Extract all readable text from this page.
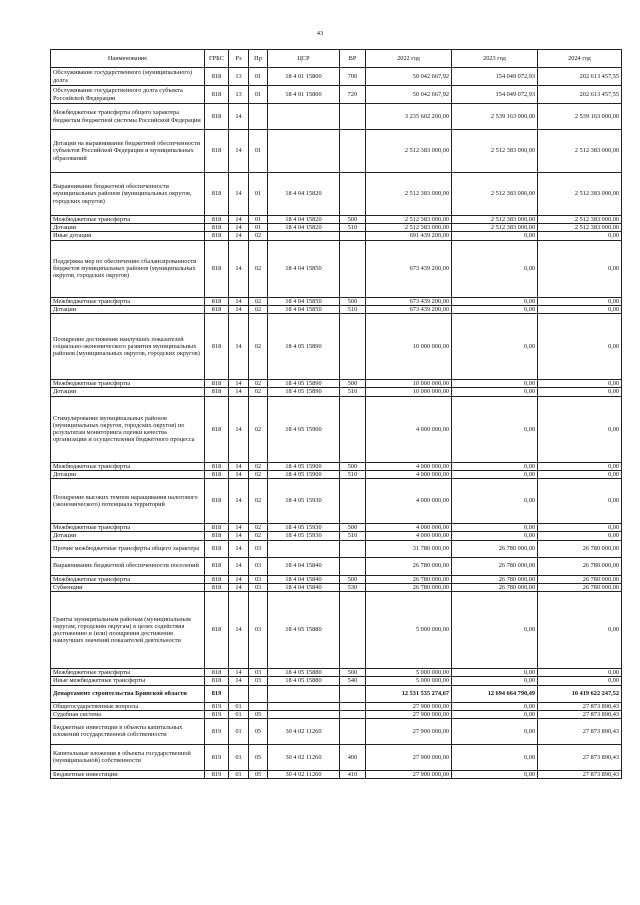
43
Наименование	ГРБС	Рз	Пр	ЦСР	ВР	2022 год	2023 год	2024 год
Обслуживание государственного (муниципального) долга	818	13	01	18 4 01 15800	700	50 042 667,92	154 049 072,93	202 613 457,55
Обслуживание государственного долга субъекта Российской Федерации	818	13	01	18 4 01 15800	720	50 042 667,92	154 049 072,93	202 613 457,55
Межбюджетные трансферты общего характера бюджетам бюджетной системы Российской Федерации	818	14				3 235 602 200,00	2 539 163 000,00	2 539 163 000,00
Дотации на выравнивание бюджетной обеспеченности субъектов Российской Федерации и муниципальных образований	818	14	01			2 512 383 000,00	2 512 383 000,00	2 512 383 000,00
Выравнивание бюджетной обеспеченности муниципальных районов (муниципальных округов, городских округов)	818	14	01	18 4 04 15820		2 512 383 000,00	2 512 383 000,00	2 512 383 000,00
Межбюджетные трансферты	818	14	01	18 4 04 15820	500	2 512 383 000,00	2 512 383 000,00	2 512 383 000,00
Дотации	818	14	01	18 4 04 15820	510	2 512 383 000,00	2 512 383 000,00	2 512 383 000,00
Иные дотации	818	14	02			691 439 200,00	0,00	0,00
Поддержка мер по обеспечению сбалансированности бюджетов муниципальных районов (муниципальных округов, городских округов)	818	14	02	18 4 04 15850		673 439 200,00	0,00	0,00
Межбюджетные трансферты	818	14	02	18 4 04 15850	500	673 439 200,00	0,00	0,00
Дотации	818	14	02	18 4 04 15850	510	673 439 200,00	0,00	0,00
Поощрение достижения наилучших показателей социально-экономического развития муниципальных районов (муниципальных округов, городских округов)	818	14	02	18 4 05 15890		10 000 000,00	0,00	0,00
Межбюджетные трансферты	818	14	02	18 4 05 15890	500	10 000 000,00	0,00	0,00
Дотации	818	14	02	18 4 05 15890	510	10 000 000,00	0,00	0,00
Стимулирование муниципальных районов (муниципальных округов, городских округов) по результатам мониторинга оценки качества организации и осуществления бюджетного процесса	818	14	02	18 4 05 15900		4 000 000,00	0,00	0,00
Межбюджетные трансферты	818	14	02	18 4 05 15900	500	4 000 000,00	0,00	0,00
Дотации	818	14	02	18 4 05 15900	510	4 000 000,00	0,00	0,00
Поощрение высоких темпов наращивания налогового (экономического) потенциала территорий	818	14	02	18 4 05 15930		4 000 000,00	0,00	0,00
Межбюджетные трансферты	818	14	02	18 4 05 15930	500	4 000 000,00	0,00	0,00
Дотации	818	14	02	18 4 05 15930	510	4 000 000,00	0,00	0,00
Прочие межбюджетные трансферты общего характера	818	14	03			31 780 000,00	26 780 000,00	26 780 000,00
Выравнивание бюджетной обеспеченности поселений	818	14	03	18 4 04 15840		26 780 000,00	26 780 000,00	26 780 000,00
Межбюджетные трансферты	818	14	03	18 4 04 15840	500	26 780 000,00	26 780 000,00	26 780 000,00
Субвенции	818	14	03	18 4 04 15840	530	26 780 000,00	26 780 000,00	26 780 000,00
Гранты муниципальным районам (муниципальным округам, городским округам) в целях содействия достижению и (или) поощрения достижения наилучших значений показателей деятельности	818	14	03	18 4 05 15880		5 000 000,00	0,00	0,00
Межбюджетные трансферты	818	14	03	18 4 05 15880	500	5 000 000,00	0,00	0,00
Иные межбюджетные трансферты	818	14	03	18 4 05 15880	540	5 000 000,00	0,00	0,00
Департамент строительства Брянской области	819					12 531 535 274,67	12 694 664 790,49	10 419 622 247,52
Общегосударственные вопросы	819	01				27 900 000,00	0,00	27 873 890,43
Судебная система	819	01	05			27 900 000,00	0,00	27 873 890,43
Бюджетные инвестиции в объекты капитальных вложений государственной собственности	819	01	05	30 4 02 11260		27 900 000,00	0,00	27 873 890,43
Капитальные вложения в объекты государственной (муниципальной) собственности	819	01	05	30 4 02 11260	400	27 900 000,00	0,00	27 873 890,43
Бюджетные инвестиции	819	01	05	30 4 02 11260	410	27 900 000,00	0,00	27 873 890,43
